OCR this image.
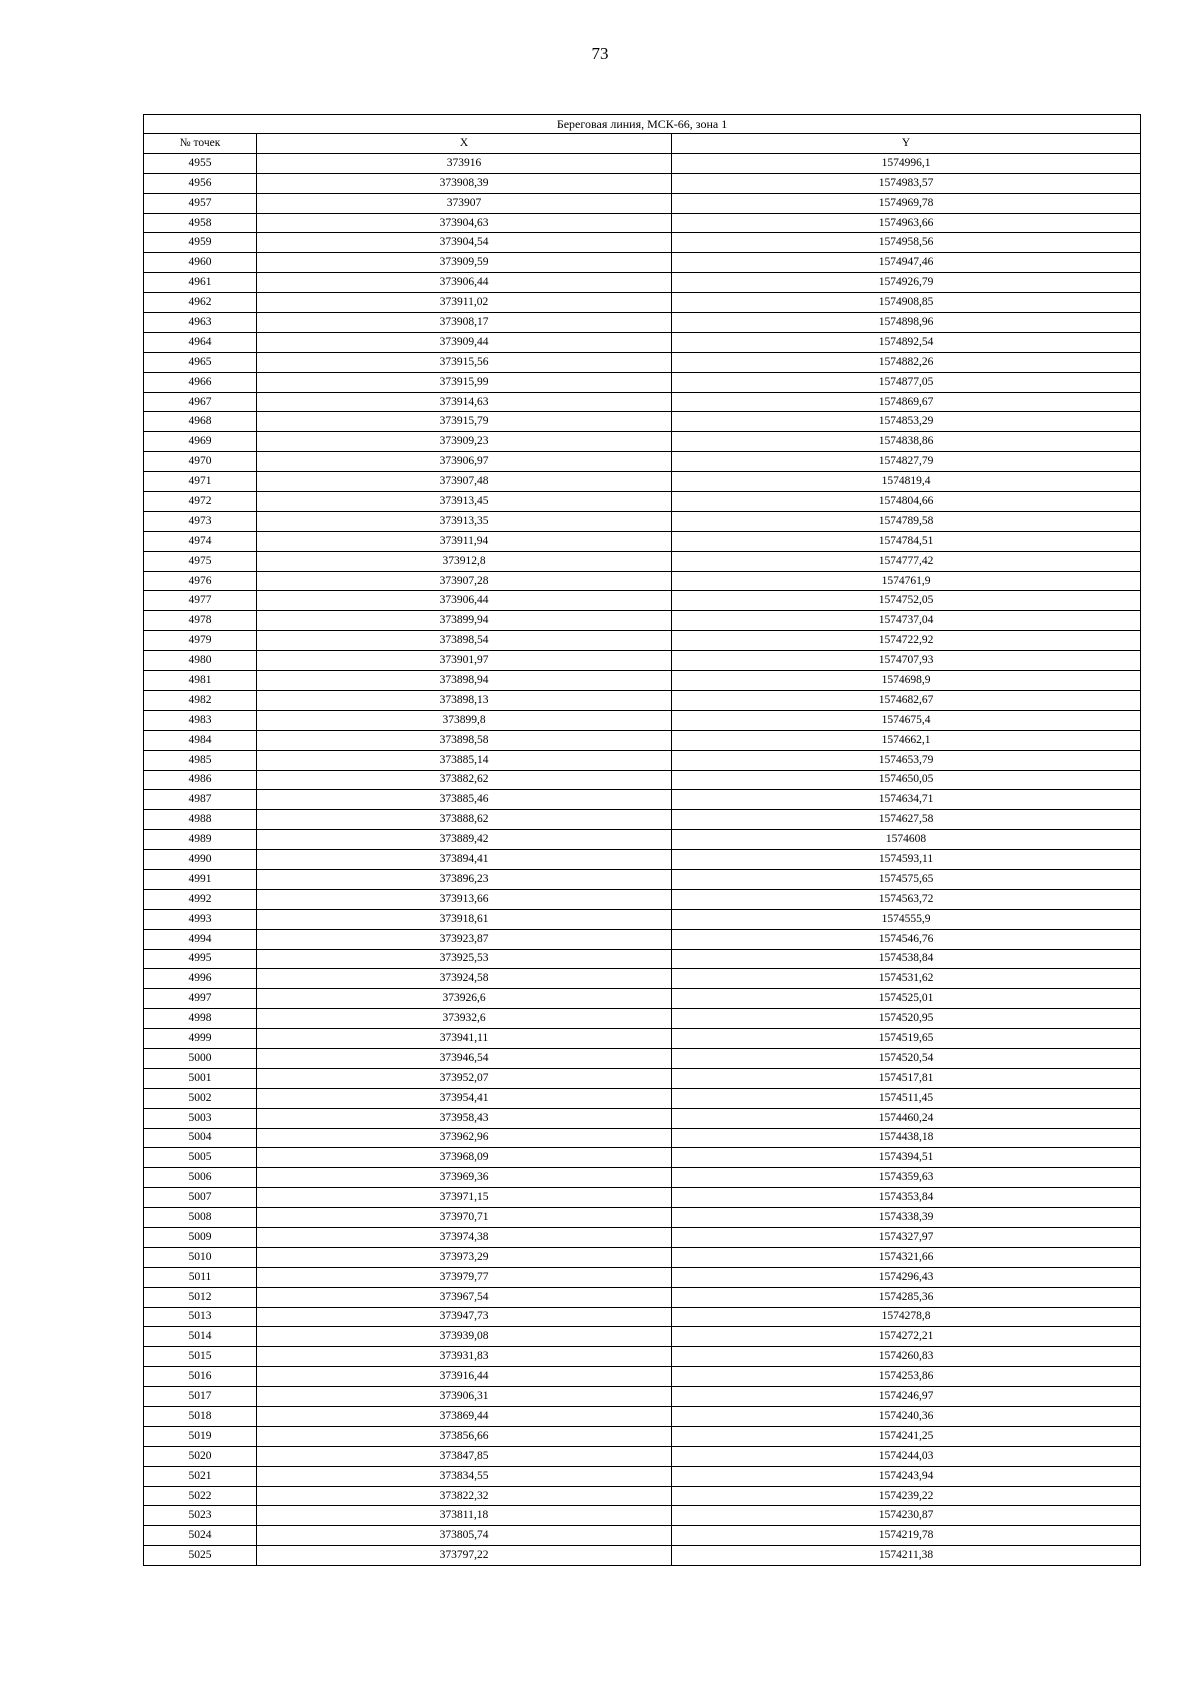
73
Береговая линия, МСК-66, зона 1		
№ точек	X	Y
4955	373916	1574996,1
4956	373908,39	1574983,57
4957	373907	1574969,78
4958	373904,63	1574963,66
4959	373904,54	1574958,56
4960	373909,59	1574947,46
4961	373906,44	1574926,79
4962	373911,02	1574908,85
4963	373908,17	1574898,96
4964	373909,44	1574892,54
4965	373915,56	1574882,26
4966	373915,99	1574877,05
4967	373914,63	1574869,67
4968	373915,79	1574853,29
4969	373909,23	1574838,86
4970	373906,97	1574827,79
4971	373907,48	1574819,4
4972	373913,45	1574804,66
4973	373913,35	1574789,58
4974	373911,94	1574784,51
4975	373912,8	1574777,42
4976	373907,28	1574761,9
4977	373906,44	1574752,05
4978	373899,94	1574737,04
4979	373898,54	1574722,92
4980	373901,97	1574707,93
4981	373898,94	1574698,9
4982	373898,13	1574682,67
4983	373899,8	1574675,4
4984	373898,58	1574662,1
4985	373885,14	1574653,79
4986	373882,62	1574650,05
4987	373885,46	1574634,71
4988	373888,62	1574627,58
4989	373889,42	1574608
4990	373894,41	1574593,11
4991	373896,23	1574575,65
4992	373913,66	1574563,72
4993	373918,61	1574555,9
4994	373923,87	1574546,76
4995	373925,53	1574538,84
4996	373924,58	1574531,62
4997	373926,6	1574525,01
4998	373932,6	1574520,95
4999	373941,11	1574519,65
5000	373946,54	1574520,54
5001	373952,07	1574517,81
5002	373954,41	1574511,45
5003	373958,43	1574460,24
5004	373962,96	1574438,18
5005	373968,09	1574394,51
5006	373969,36	1574359,63
5007	373971,15	1574353,84
5008	373970,71	1574338,39
5009	373974,38	1574327,97
5010	373973,29	1574321,66
5011	373979,77	1574296,43
5012	373967,54	1574285,36
5013	373947,73	1574278,8
5014	373939,08	1574272,21
5015	373931,83	1574260,83
5016	373916,44	1574253,86
5017	373906,31	1574246,97
5018	373869,44	1574240,36
5019	373856,66	1574241,25
5020	373847,85	1574244,03
5021	373834,55	1574243,94
5022	373822,32	1574239,22
5023	373811,18	1574230,87
5024	373805,74	1574219,78
5025	373797,22	1574211,38
